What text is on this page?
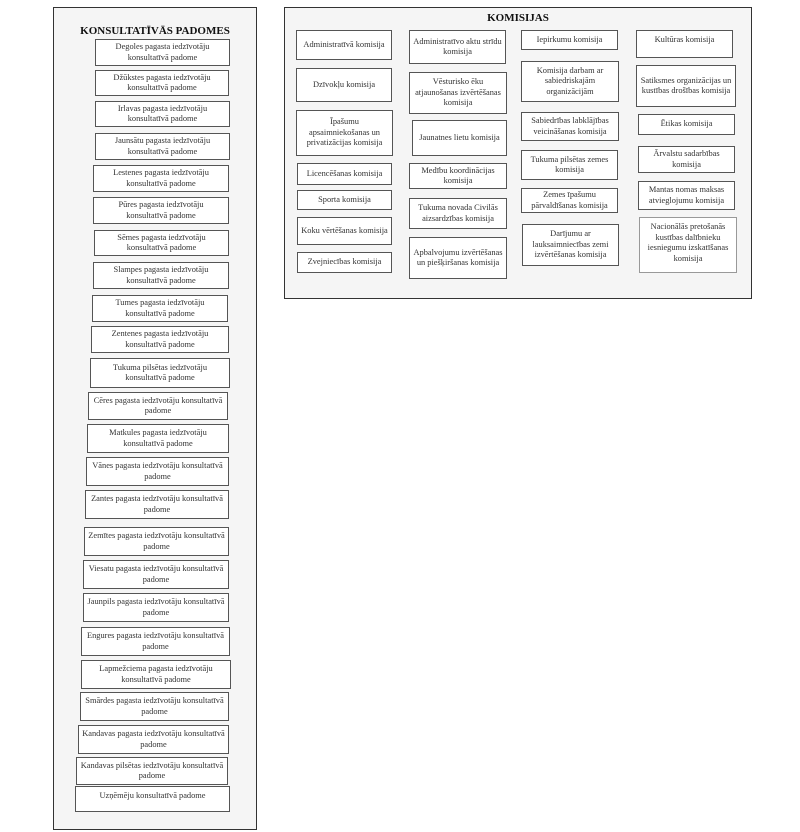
KONSULTATĪVĀS PADOMES
Degoles pagasta iedzīvotāju konsultatīvā padome
Džūkstes pagasta iedzīvotāju konsultatīvā padome
Irlavas pagasta iedzīvotāju konsultatīvā padome
Jaunsātu pagasta iedzīvotāju konsultatīvā padome
Lestenes pagasta iedzīvotāju konsultatīvā padome
Pūres pagasta iedzīvotāju konsultatīvā padome
Sēmes pagasta iedzīvotāju konsultatīvā padome
Slampes pagasta iedzīvotāju konsultatīvā padome
Tumes pagasta iedzīvotāju konsultatīvā padome
Zentenes pagasta iedzīvotāju konsultatīvā padome
Tukuma pilsētas iedzīvotāju konsultatīvā padome
Cēres pagasta iedzīvotāju konsultatīvā padome
Matkules pagasta iedzīvotāju konsultatīvā padome
Vānes pagasta iedzīvotāju konsultatīvā padome
Zantes pagasta iedzīvotāju konsultatīvā padome
Zemītes pagasta iedzīvotāju konsultatīvā padome
Viesatu pagasta iedzīvotāju konsultatīvā padome
Jaunpils pagasta iedzīvotāju konsultatīvā padome
Engures pagasta iedzīvotāju konsultatīvā padome
Lapmežciema pagasta iedzīvotāju konsultatīvā padome
Smārdes pagasta iedzīvotāju konsultatīvā padome
Kandavas pagasta iedzīvotāju konsultatīvā padome
Kandavas pilsētas iedzīvotāju konsultatīvā padome
Uzņēmēju konsultatīvā padome
KOMISIJAS
Administratīvā komisija
Dzīvokļu komisija
Īpašumu apsaimniekošanas un privatizācijas komisija
Licencēšanas komisija
Sporta komisija
Koku vērtēšanas komisija
Zvejniecības komisija
Administratīvo aktu strīdu komisija
Vēsturisko ēku atjaunošanas izvērtēšanas komisija
Jaunatnes lietu komisija
Medību koordinācijas komisija
Tukuma novada Civilās aizsardzības komisija
Apbalvojumu izvērtēšanas un piešķiršanas komisija
Iepirkumu komisija
Komisija darbam ar sabiedriskajām organizācijām
Sabiedrības labklājības veicināšanas komisija
Tukuma pilsētas zemes komisija
Zemes īpašumu pārvaldīšanas komisija
Darījumu ar lauksaimniecības zemi izvērtēšanas komisija
Kultūras komisija
Satiksmes organizācijas un kustības drošības komisija
Ētikas komisija
Ārvalstu sadarbības komisija
Mantas nomas maksas atvieglojumu komisija
Nacionālās pretošanās kustības dalībnieku iesniegumu izskatīšanas komisija
